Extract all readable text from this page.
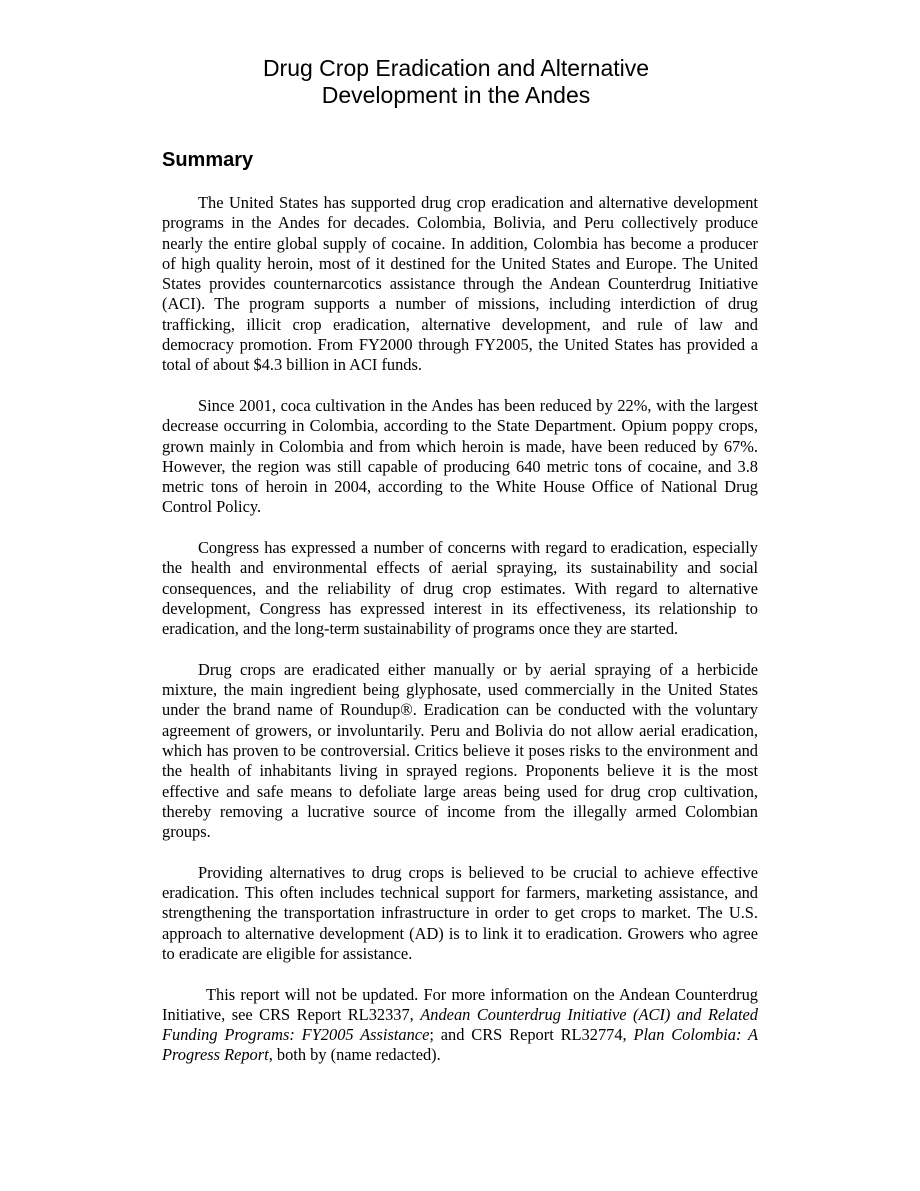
Drug Crop Eradication and Alternative
Development in the Andes
Summary

The United States has supported drug crop eradication and alternative development programs in the Andes for decades. Colombia, Bolivia, and Peru collectively produce nearly the entire global supply of cocaine. In addition, Colombia has become a producer of high quality heroin, most of it destined for the United States and Europe. The United States provides counternarcotics assistance through the Andean Counterdrug Initiative (ACI). The program supports a number of missions, including interdiction of drug trafficking, illicit crop eradication, alternative development, and rule of law and democracy promotion. From FY2000 through FY2005, the United States has provided a total of about $4.3 billion in ACI funds.

Since 2001, coca cultivation in the Andes has been reduced by 22%, with the largest decrease occurring in Colombia, according to the State Department. Opium poppy crops, grown mainly in Colombia and from which heroin is made, have been reduced by 67%. However, the region was still capable of producing 640 metric tons of cocaine, and 3.8 metric tons of heroin in 2004, according to the White House Office of National Drug Control Policy.

Congress has expressed a number of concerns with regard to eradication, especially the health and environmental effects of aerial spraying, its sustainability and social consequences, and the reliability of drug crop estimates. With regard to alternative development, Congress has expressed interest in its effectiveness, its relationship to eradication, and the long-term sustainability of programs once they are started.

Drug crops are eradicated either manually or by aerial spraying of a herbicide mixture, the main ingredient being glyphosate, used commercially in the United States under the brand name of Roundup®. Eradication can be conducted with the voluntary agreement of growers, or involuntarily. Peru and Bolivia do not allow aerial eradication, which has proven to be controversial. Critics believe it poses risks to the environment and the health of inhabitants living in sprayed regions. Proponents believe it is the most effective and safe means to defoliate large areas being used for drug crop cultivation, thereby removing a lucrative source of income from the illegally armed Colombian groups.

Providing alternatives to drug crops is believed to be crucial to achieve effective eradication. This often includes technical support for farmers, marketing assistance, and strengthening the transportation infrastructure in order to get crops to market. The U.S. approach to alternative development (AD) is to link it to eradication. Growers who agree to eradicate are eligible for assistance.

This report will not be updated. For more information on the Andean Counterdrug Initiative, see CRS Report RL32337, Andean Counterdrug Initiative (ACI) and Related Funding Programs: FY2005 Assistance; and CRS Report RL32774, Plan Colombia: A Progress Report, both by (name redacted).
